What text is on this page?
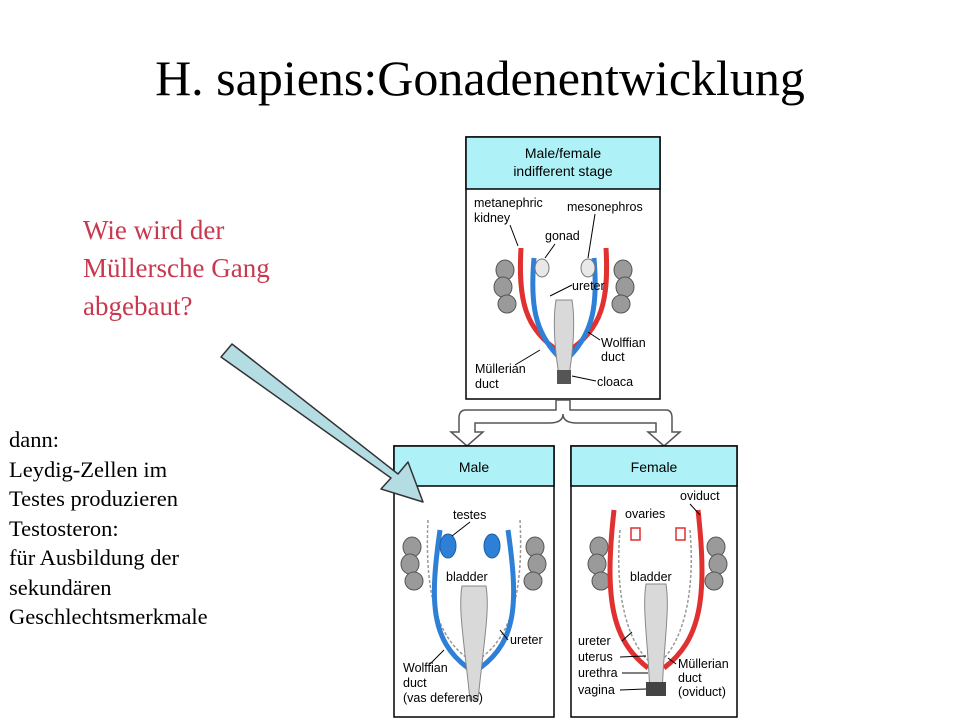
H. sapiens:Gonadenentwicklung
Wie wird der
Müllersche Gang
abgebaut?
dann:
Leydig-Zellen im
Testes produzieren
Testosteron:
für Ausbildung der
sekundären
Geschlechtsmerkmale
Male/female
indifferent stage
metanephric
kidney
mesonephros
gonad
ureter
Wolffian
duct
Müllerian
duct	cloaca
Male
testes
bladder
ureter
Wolffian
duct
(vas deferens)
Female
oviduct
ovaries
bladder
ureter
uterus
urethra
vagina
Müllerian
duct
(oviduct)
